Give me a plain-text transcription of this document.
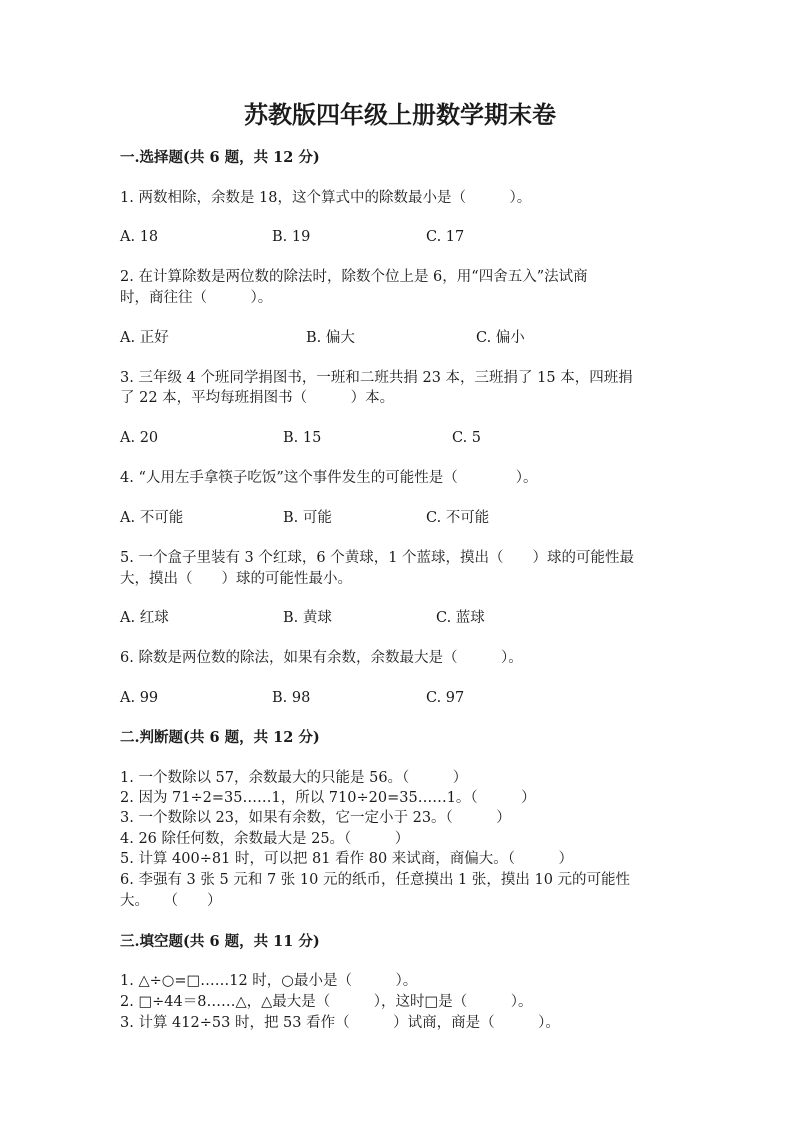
苏教版四年级上册数学期末卷
一.选择题(共 6 题，共 12 分)
1. 两数相除，余数是 18，这个算式中的除数最小是（　　　）。
A. 18	B. 19	C. 17
2. 在计算除数是两位数的除法时，除数个位上是 6，用“四舍五入”法试商
时，商往往（　　　）。
A. 正好	B. 偏大	C. 偏小
3. 三年级 4 个班同学捐图书，一班和二班共捐 23 本，三班捐了 15 本，四班捐
了 22 本，平均每班捐图书（　　　）本。
A. 20	B. 15	C. 5
4. “人用左手拿筷子吃饭”这个事件发生的可能性是（　　　　）。
A. 不可能	B. 可能	C. 不可能
5. 一个盒子里装有 3 个红球，6 个黄球，1 个蓝球，摸出（　　）球的可能性最
大，摸出（　　）球的可能性最小。
A. 红球	B. 黄球	C. 蓝球
6. 除数是两位数的除法，如果有余数，余数最大是（　　　）。
A. 99	B. 98	C. 97
二.判断题(共 6 题，共 12 分)
1. 一个数除以 57，余数最大的只能是 56。（　　　）
2. 因为 71÷2=35……1，所以 710÷20=35……1。（　　　）
3. 一个数除以 23，如果有余数，它一定小于 23。（　　　）
4. 26 除任何数，余数最大是 25。（　　　）
5. 计算 400÷81 时，可以把 81 看作 80 来试商，商偏大。（　　　）
6. 李强有 3 张 5 元和 7 张 10 元的纸币，任意摸出 1 张，摸出 10 元的可能性
大。　　（　　）
三.填空题(共 6 题，共 11 分)
1. △÷○=□……12 时，○最小是（　　　）。
2. □÷44＝8……△，△最大是（　　　），这时□是（　　　）。
3. 计算 412÷53 时，把 53 看作（　　　）试商，商是（　　　）。
